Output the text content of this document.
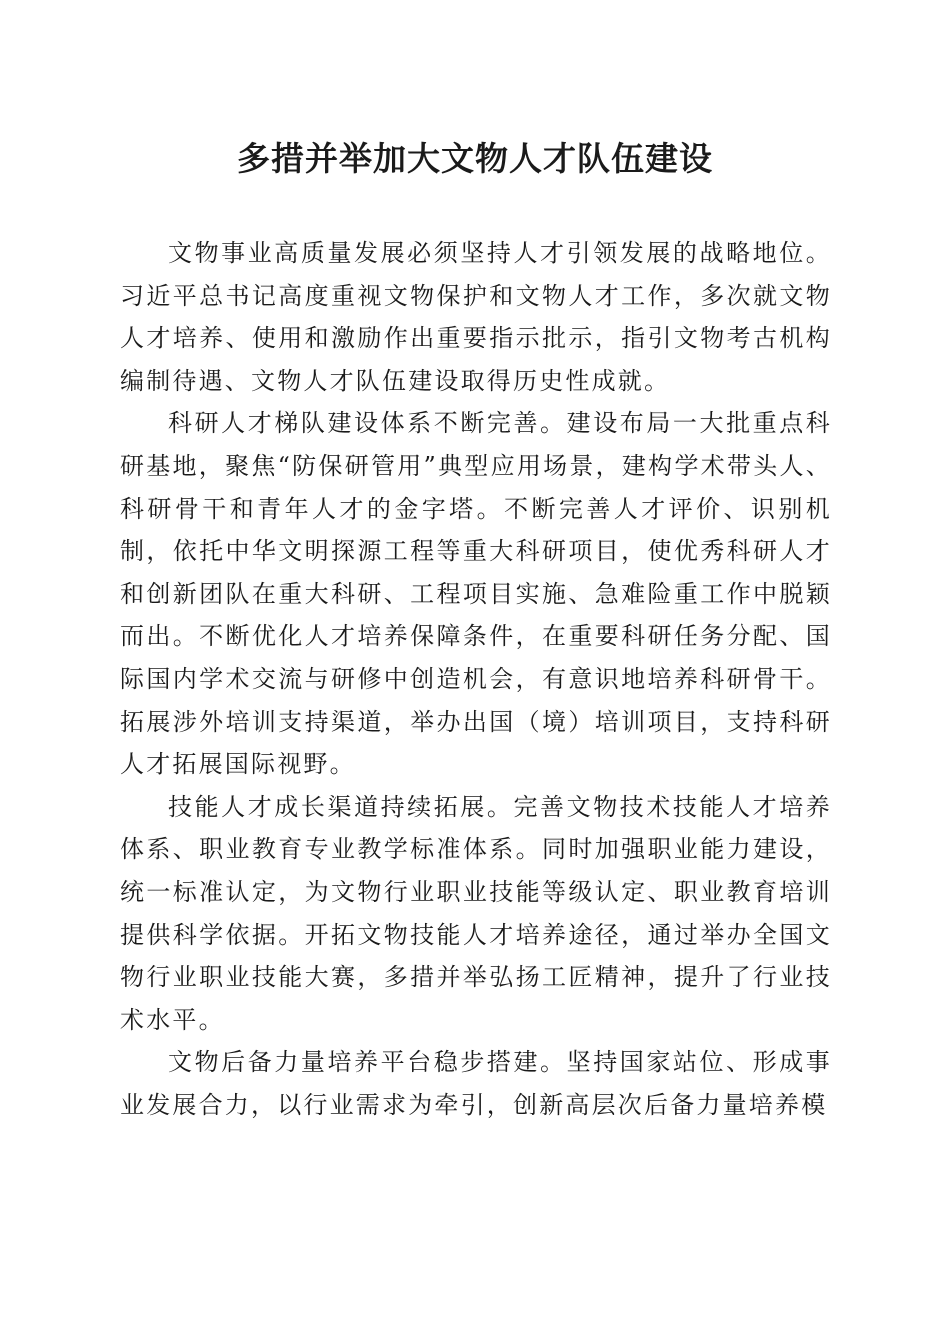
多措并举加大文物人才队伍建设

文物事业高质量发展必须坚持人才引领发展的战略地位。习近平总书记高度重视文物保护和文物人才工作，多次就文物人才培养、使用和激励作出重要指示批示，指引文物考古机构编制待遇、文物人才队伍建设取得历史性成就。

科研人才梯队建设体系不断完善。建设布局一大批重点科研基地，聚焦“防保研管用”典型应用场景，建构学术带头人、科研骨干和青年人才的金字塔。不断完善人才评价、识别机制，依托中华文明探源工程等重大科研项目，使优秀科研人才和创新团队在重大科研、工程项目实施、急难险重工作中脱颖而出。不断优化人才培养保障条件，在重要科研任务分配、国际国内学术交流与研修中创造机会，有意识地培养科研骨干。拓展涉外培训支持渠道，举办出国（境）培训项目，支持科研人才拓展国际视野。

技能人才成长渠道持续拓展。完善文物技术技能人才培养体系、职业教育专业教学标准体系。同时加强职业能力建设，统一标准认定，为文物行业职业技能等级认定、职业教育培训提供科学依据。开拓文物技能人才培养途径，通过举办全国文物行业职业技能大赛，多措并举弘扬工匠精神，提升了行业技术水平。

文物后备力量培养平台稳步搭建。坚持国家站位、形成事业发展合力，以行业需求为牵引，创新高层次后备力量培养模
